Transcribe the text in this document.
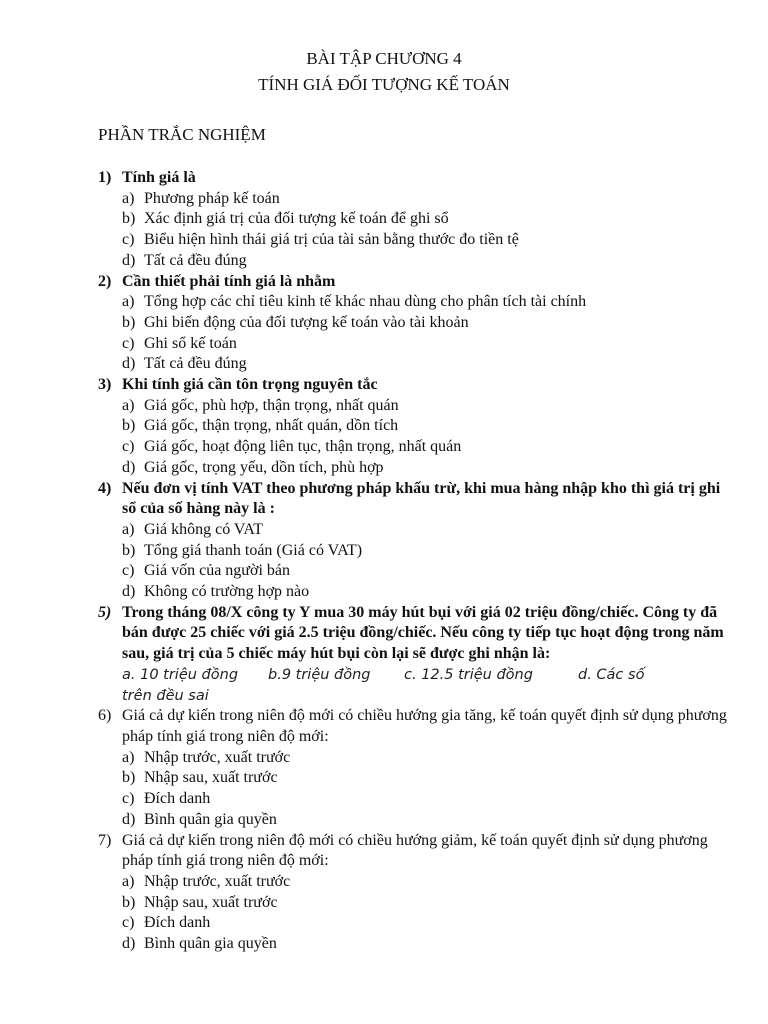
BÀI TẬP CHƯƠNG 4
TÍNH GIÁ ĐỐI TƯỢNG KẾ TOÁN
PHẦN TRẮC NGHIỆM
1) Tính giá là
a) Phương pháp kế toán
b) Xác định giá trị của đối tượng kế toán để ghi sổ
c) Biểu hiện hình thái giá trị của tài sản bằng thước đo tiền tệ
d) Tất cả đều đúng
2) Cần thiết phải tính giá là nhằm
a) Tổng hợp các chỉ tiêu kinh tế khác nhau dùng cho phân tích tài chính
b) Ghi biến động của đối tượng kế toán vào tài khoản
c) Ghi sổ kế toán
d) Tất cả đều đúng
3) Khi tính giá cần tôn trọng nguyên tắc
a) Giá gốc, phù hợp, thận trọng, nhất quán
b) Giá gốc, thận trọng, nhất quán, dồn tích
c) Giá gốc, hoạt động liên tục, thận trọng, nhất quán
d) Giá gốc, trọng yếu, dồn tích, phù hợp
4) Nếu đơn vị tính VAT theo phương pháp khấu trừ, khi mua hàng nhập kho thì giá trị ghi sổ của số hàng này là :
a) Giá không có VAT
b) Tổng giá thanh toán (Giá có VAT)
c) Giá vốn của người bán
d) Không có trường hợp nào
5) Trong tháng 08/X công ty Y mua 30 máy hút bụi với giá 02 triệu đồng/chiếc. Công ty đã bán được 25 chiếc với giá 2.5 triệu đồng/chiếc. Nếu công ty tiếp tục hoạt động trong năm sau, giá trị của 5 chiếc máy hút bụi còn lại sẽ được ghi nhận là:
a. 10 triệu đồng	b.9 triệu đồng	c. 12.5 triệu đồng	d. Các số
trên đều sai
6) Giá cả dự kiến trong niên độ mới có chiều hướng gia tăng, kế toán quyết định sử dụng phương pháp tính giá trong niên độ mới:
a) Nhập trước, xuất trước
b) Nhập sau, xuất trước
c) Đích danh
d) Bình quân gia quyền
7) Giá cả dự kiến trong niên độ mới có chiều hướng giảm, kế toán quyết định sử dụng phương pháp tính giá trong niên độ mới:
a) Nhập trước, xuất trước
b) Nhập sau, xuất trước
c) Đích danh
d) Bình quân gia quyền
